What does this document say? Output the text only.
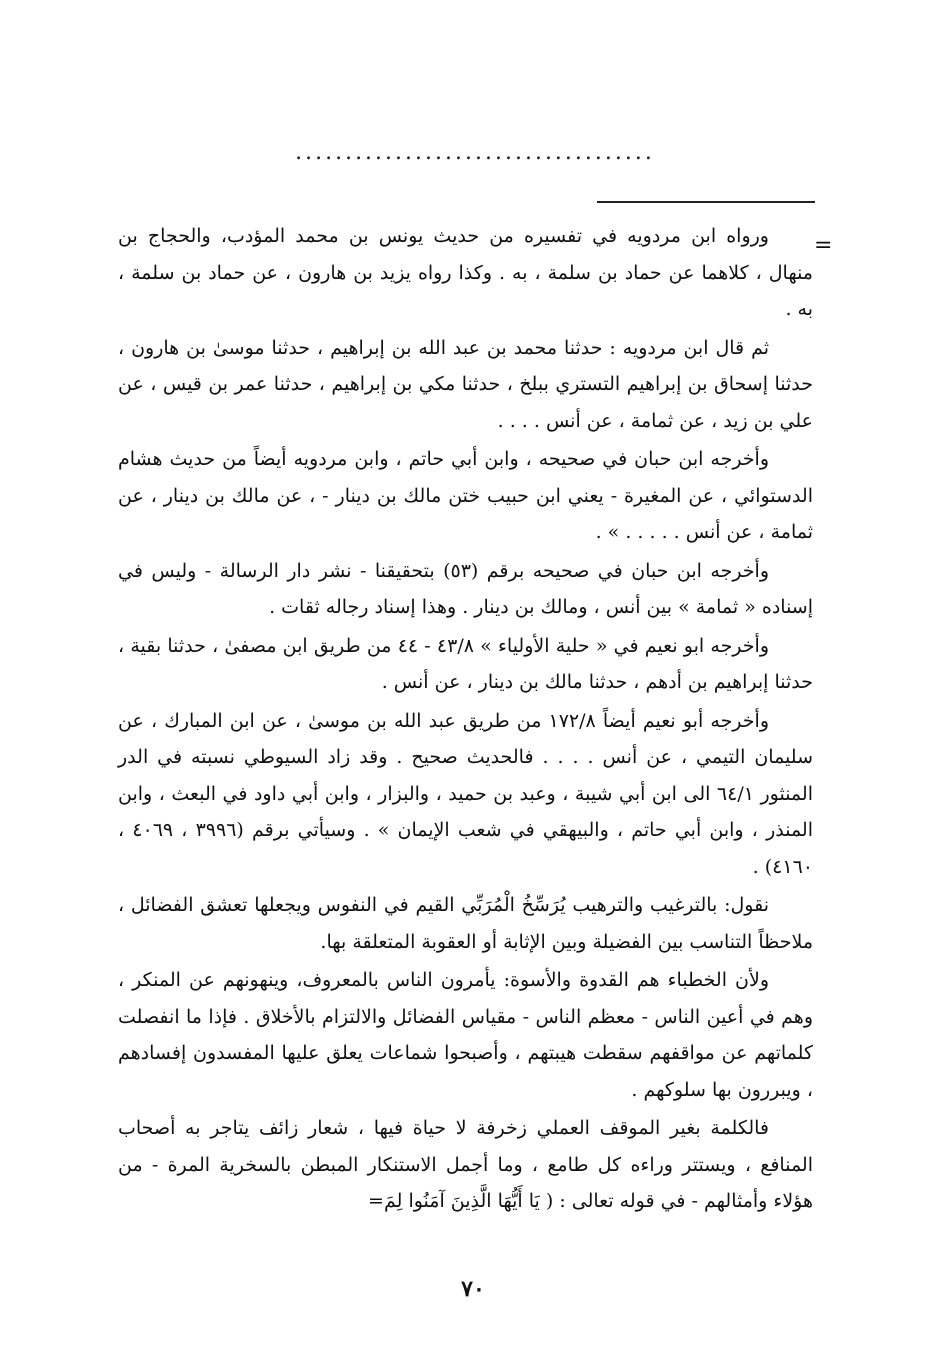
....................................
=

ورواه ابن مردويه في تفسيره من حديث يونس بن محمد المؤدب، والحجاج بن منهال ، كلاهما عن حماد بن سلمة ، به . وكذا رواه يزيد بن هارون ، عن حماد بن سلمة ، به .

ثم قال ابن مردويه : حدثنا محمد بن عبد الله بن إبراهيم ، حدثنا موسىٰ بن هارون ، حدثنا إسحاق بن إبراهيم التستري ببلخ ، حدثنا مكي بن إبراهيم ، حدثنا عمر بن قيس ، عن علي بن زيد ، عن ثمامة ، عن أنس . . . .

وأخرجه ابن حبان في صحيحه ، وابن أبي حاتم ، وابن مردويه أيضاً من حديث هشام الدستوائي ، عن المغيرة - يعني ابن حبيب ختن مالك بن دينار - ، عن مالك بن دينار ، عن ثمامة ، عن أنس . . . . . » .

وأخرجه ابن حبان في صحيحه برقم (٥٣) بتحقيقنا - نشر دار الرسالة - وليس في إسناده « ثمامة » بين أنس ، ومالك بن دينار . وهذا إسناد رجاله ثقات .

وأخرجه ابو نعيم في « حلية الأولياء » ٤٣/٨ - ٤٤ من طريق ابن مصفىٰ ، حدثنا بقية ، حدثنا إبراهيم بن أدهم ، حدثنا مالك بن دينار ، عن أنس .

وأخرجه أبو نعيم أيضاً ١٧٢/٨ من طريق عبد الله بن موسىٰ ، عن ابن المبارك ، عن سليمان التيمي ، عن أنس . . . . فالحديث صحيح . وقد زاد السيوطي نسبته في الدر المنثور ٦٤/١ الى ابن أبي شيبة ، وعبد بن حميد ، والبزار ، وابن أبي داود في البعث ، وابن المنذر ، وابن أبي حاتم ، والبيهقي في شعب الإيمان » . وسيأتي برقم (٣٩٩٦ ، ٤٠٦٩ ، ٤١٦٠) .

نقول: بالترغيب والترهيب يُرَسِّخُ الْمُرَبِّي القيم في النفوس ويجعلها تعشق الفضائل ، ملاحظاً التناسب بين الفضيلة وبين الإثابة أو العقوبة المتعلقة بها.

ولأن الخطباء هم القدوة والأسوة: يأمرون الناس بالمعروف، وينهونهم عن المنكر ، وهم في أعين الناس - معظم الناس - مقياس الفضائل والالتزام بالأخلاق . فإذا ما انفصلت كلماتهم عن مواقفهم سقطت هيبتهم ، وأصبحوا شماعات يعلق عليها المفسدون إفسادهم ، ويبررون بها سلوكهم .

فالكلمة بغير الموقف العملي زخرفة لا حياة فيها ، شعار زائف يتاجر به أصحاب المنافع ، ويستتر وراءه كل طامع ، وما أجمل الاستنكار المبطن بالسخرية المرة - من هؤلاء وأمثالهم - في قوله تعالى : ( يَا أَيُّهَا الَّذِينَ آمَنُوا لِمَ=

٧٠
